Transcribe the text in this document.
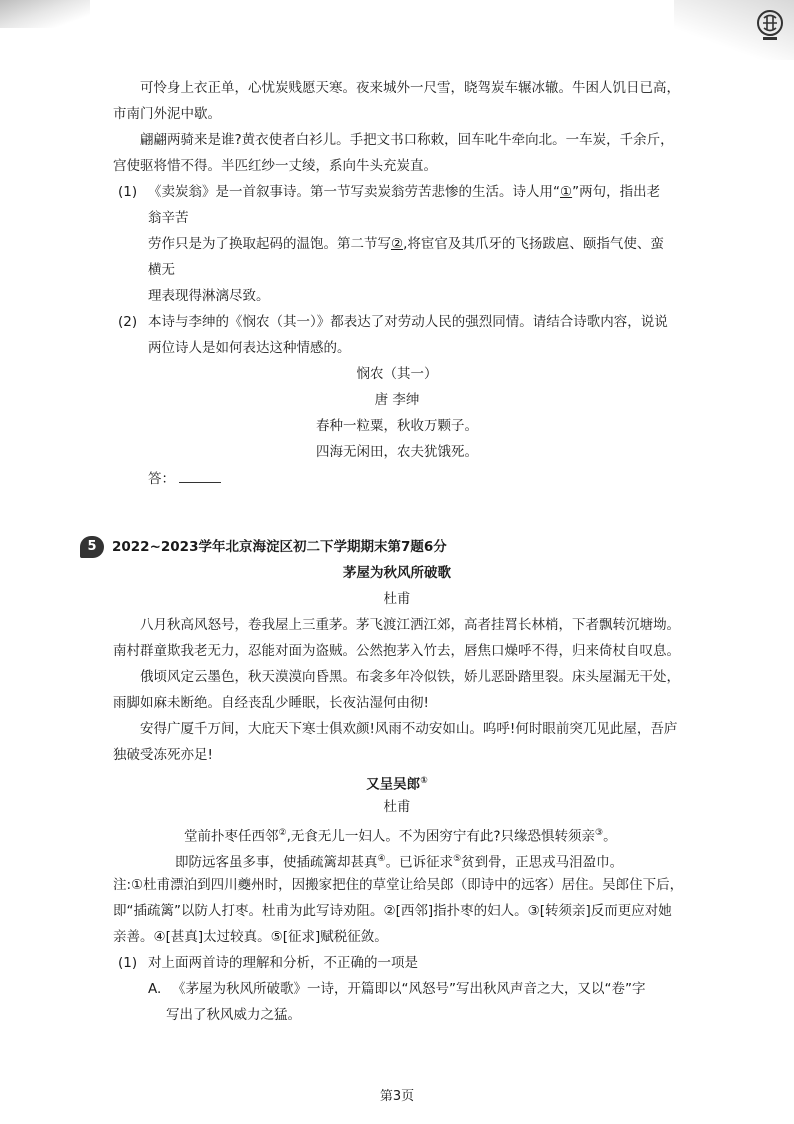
可怜身上衣正单，心忧炭贱愿天寒。夜来城外一尺雪，晓驾炭车辗冰辙。牛困人饥日已高，
市南门外泥中歇。
翩翩两骑来是谁?黄衣使者白衫儿。手把文书口称敕，回车叱牛牵向北。一车炭，千余斤，
宫使驱将惜不得。半匹红纱一丈绫，系向牛头充炭直。
(1) 《卖炭翁》是一首叙事诗。第一节写卖炭翁劳苦悲惨的生活。诗人用“①”两句，指出老
翁辛苦
劳作只是为了换取起码的温饱。第二节写②,将宦官及其爪牙的飞扬跋扈、颐指气使、蛮
横无
理表现得淋漓尽致。
(2) 本诗与李绅的《悯农（其一）》都表达了对劳动人民的强烈同情。请结合诗歌内容，说说
两位诗人是如何表达这种情感的。
悯农（其一）
唐 李绅
春种一粒粟，秋收万颗子。
四海无闲田，农夫犹饿死。
答：
5	2022~2023学年北京海淀区初二下学期期末第7题6分
茅屋为秋风所破歌
杜甫
八月秋高风怒号，卷我屋上三重茅。茅飞渡江洒江郊，高者挂罥长林梢，下者飘转沉塘坳。
南村群童欺我老无力，忍能对面为盗贼。公然抱茅入竹去，唇焦口燥呼不得，归来倚杖自叹息。
俄顷风定云墨色，秋天漠漠向昏黑。布衾多年冷似铁，娇儿恶卧踏里裂。床头屋漏无干处，
雨脚如麻未断绝。自经丧乱少睡眠，长夜沾湿何由彻!
安得广厦千万间，大庇天下寒士俱欢颜!风雨不动安如山。呜呼!何时眼前突兀见此屋，吾庐
独破受冻死亦足!
又呈吴郎①
杜甫
堂前扑枣任西邻②,无食无儿一妇人。不为困穷宁有此?只缘恐惧转须亲③。
即防远客虽多事，使插疏篱却甚真④。已诉征求⑤贫到骨，正思戎马泪盈巾。
注:①杜甫漂泊到四川夔州时，因搬家把住的草堂让给吴郎（即诗中的远客）居住。吴郎住下后，
即“插疏篱”以防人打枣。杜甫为此写诗劝阻。②[西邻]指扑枣的妇人。③[转须亲]反而更应对她
亲善。④[甚真]太过较真。⑤[征求]赋税征敛。
(1) 对上面两首诗的理解和分析，不正确的一项是
A. 《茅屋为秋风所破歌》一诗，开篇即以“风怒号”写出秋风声音之大，又以“卷”字
写出了秋风威力之猛。
第3页
